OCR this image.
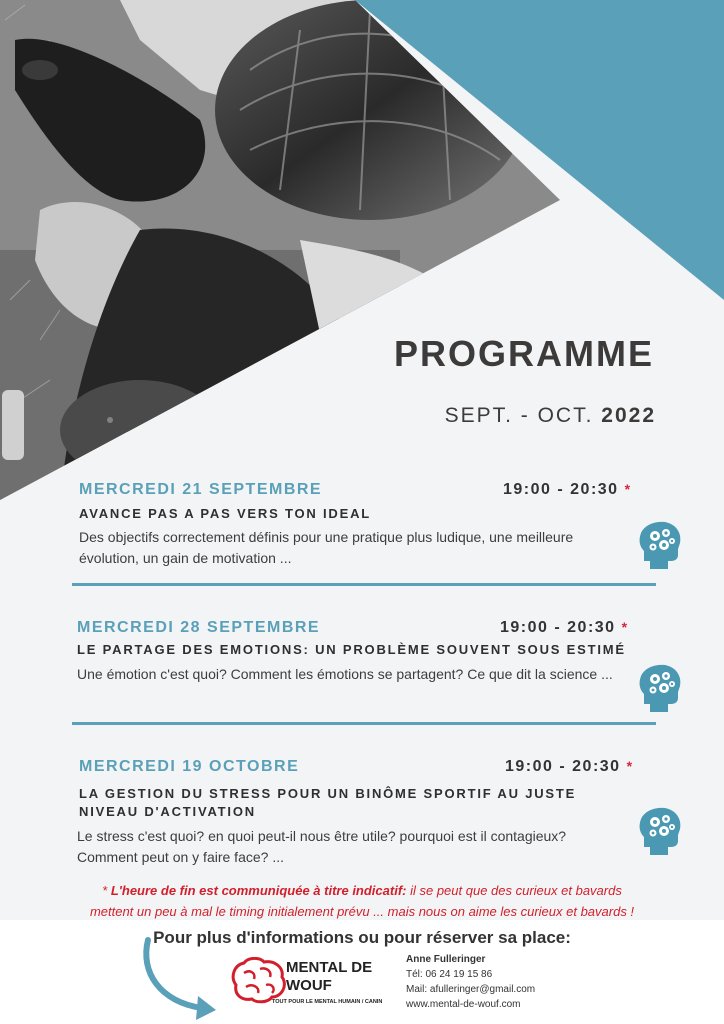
PROGRAMME
SEPT. - OCT. 2022
MERCREDI 21 SEPTEMBRE	19:00 - 20:30 *
AVANCE PAS A PAS VERS TON IDEAL
Des objectifs correctement définis pour une pratique plus ludique, une meilleure
évolution, un gain de motivation ...
MERCREDI 28 SEPTEMBRE	19:00 - 20:30 *
LE PARTAGE DES EMOTIONS: UN PROBLÈME SOUVENT SOUS ESTIMÉ
Une émotion c'est quoi? Comment les émotions se partagent? Ce que dit la science ...
MERCREDI 19 OCTOBRE	19:00 - 20:30 *
LA GESTION DU STRESS POUR UN BINÔME SPORTIF AU JUSTE
NIVEAU D'ACTIVATION
Le stress c'est quoi? en quoi peut-il nous être utile? pourquoi est il contagieux?
Comment peut on y faire face? ...
* L'heure de fin est communiquée à titre indicatif: il se peut que des curieux et bavards
mettent un peu à mal le timing initialement prévu ... mais nous on aime les curieux et bavards !
Pour plus d'informations ou pour réserver sa place:
MENTAL DE
WOUF
TOUT POUR LE MENTAL HUMAIN / CANIN
Anne Fulleringer
Tél: 06 24 19 15 86
Mail: afulleringer@gmail.com
www.mental-de-wouf.com
